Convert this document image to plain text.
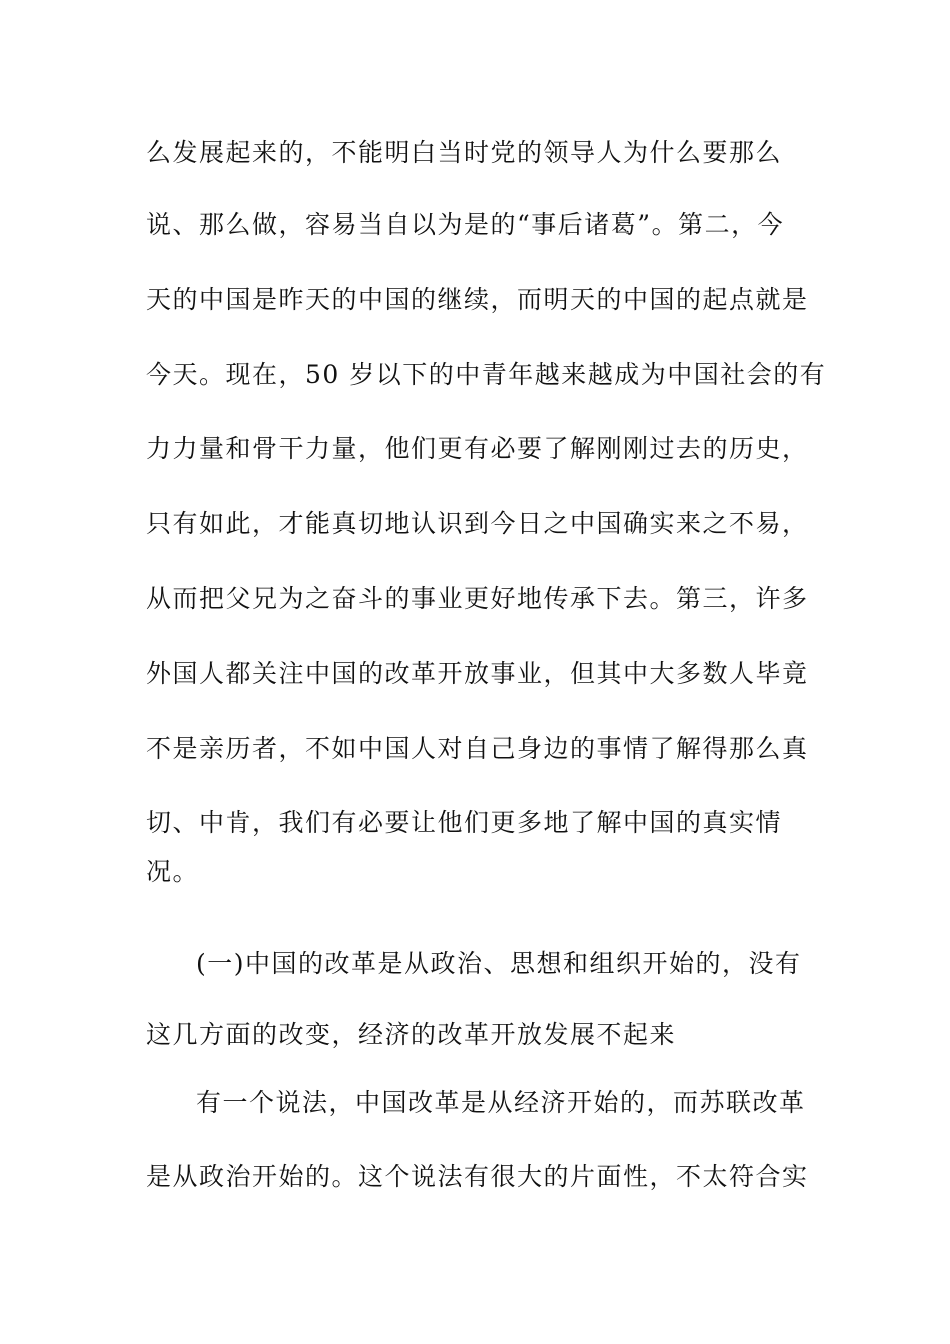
么发展起来的，不能明白当时党的领导人为什么要那么
说、那么做，容易当自以为是的“事后诸葛”。第二，今
天的中国是昨天的中国的继续，而明天的中国的起点就是
今天。现在，50 岁以下的中青年越来越成为中国社会的有
力力量和骨干力量，他们更有必要了解刚刚过去的历史，
只有如此，才能真切地认识到今日之中国确实来之不易，
从而把父兄为之奋斗的事业更好地传承下去。第三，许多
外国人都关注中国的改革开放事业，但其中大多数人毕竟
不是亲历者，不如中国人对自己身边的事情了解得那么真
切、中肯，我们有必要让他们更多地了解中国的真实情
况。
(一)中国的改革是从政治、思想和组织开始的，没有
这几方面的改变，经济的改革开放发展不起来
有一个说法，中国改革是从经济开始的，而苏联改革
是从政治开始的。这个说法有很大的片面性，不太符合实
